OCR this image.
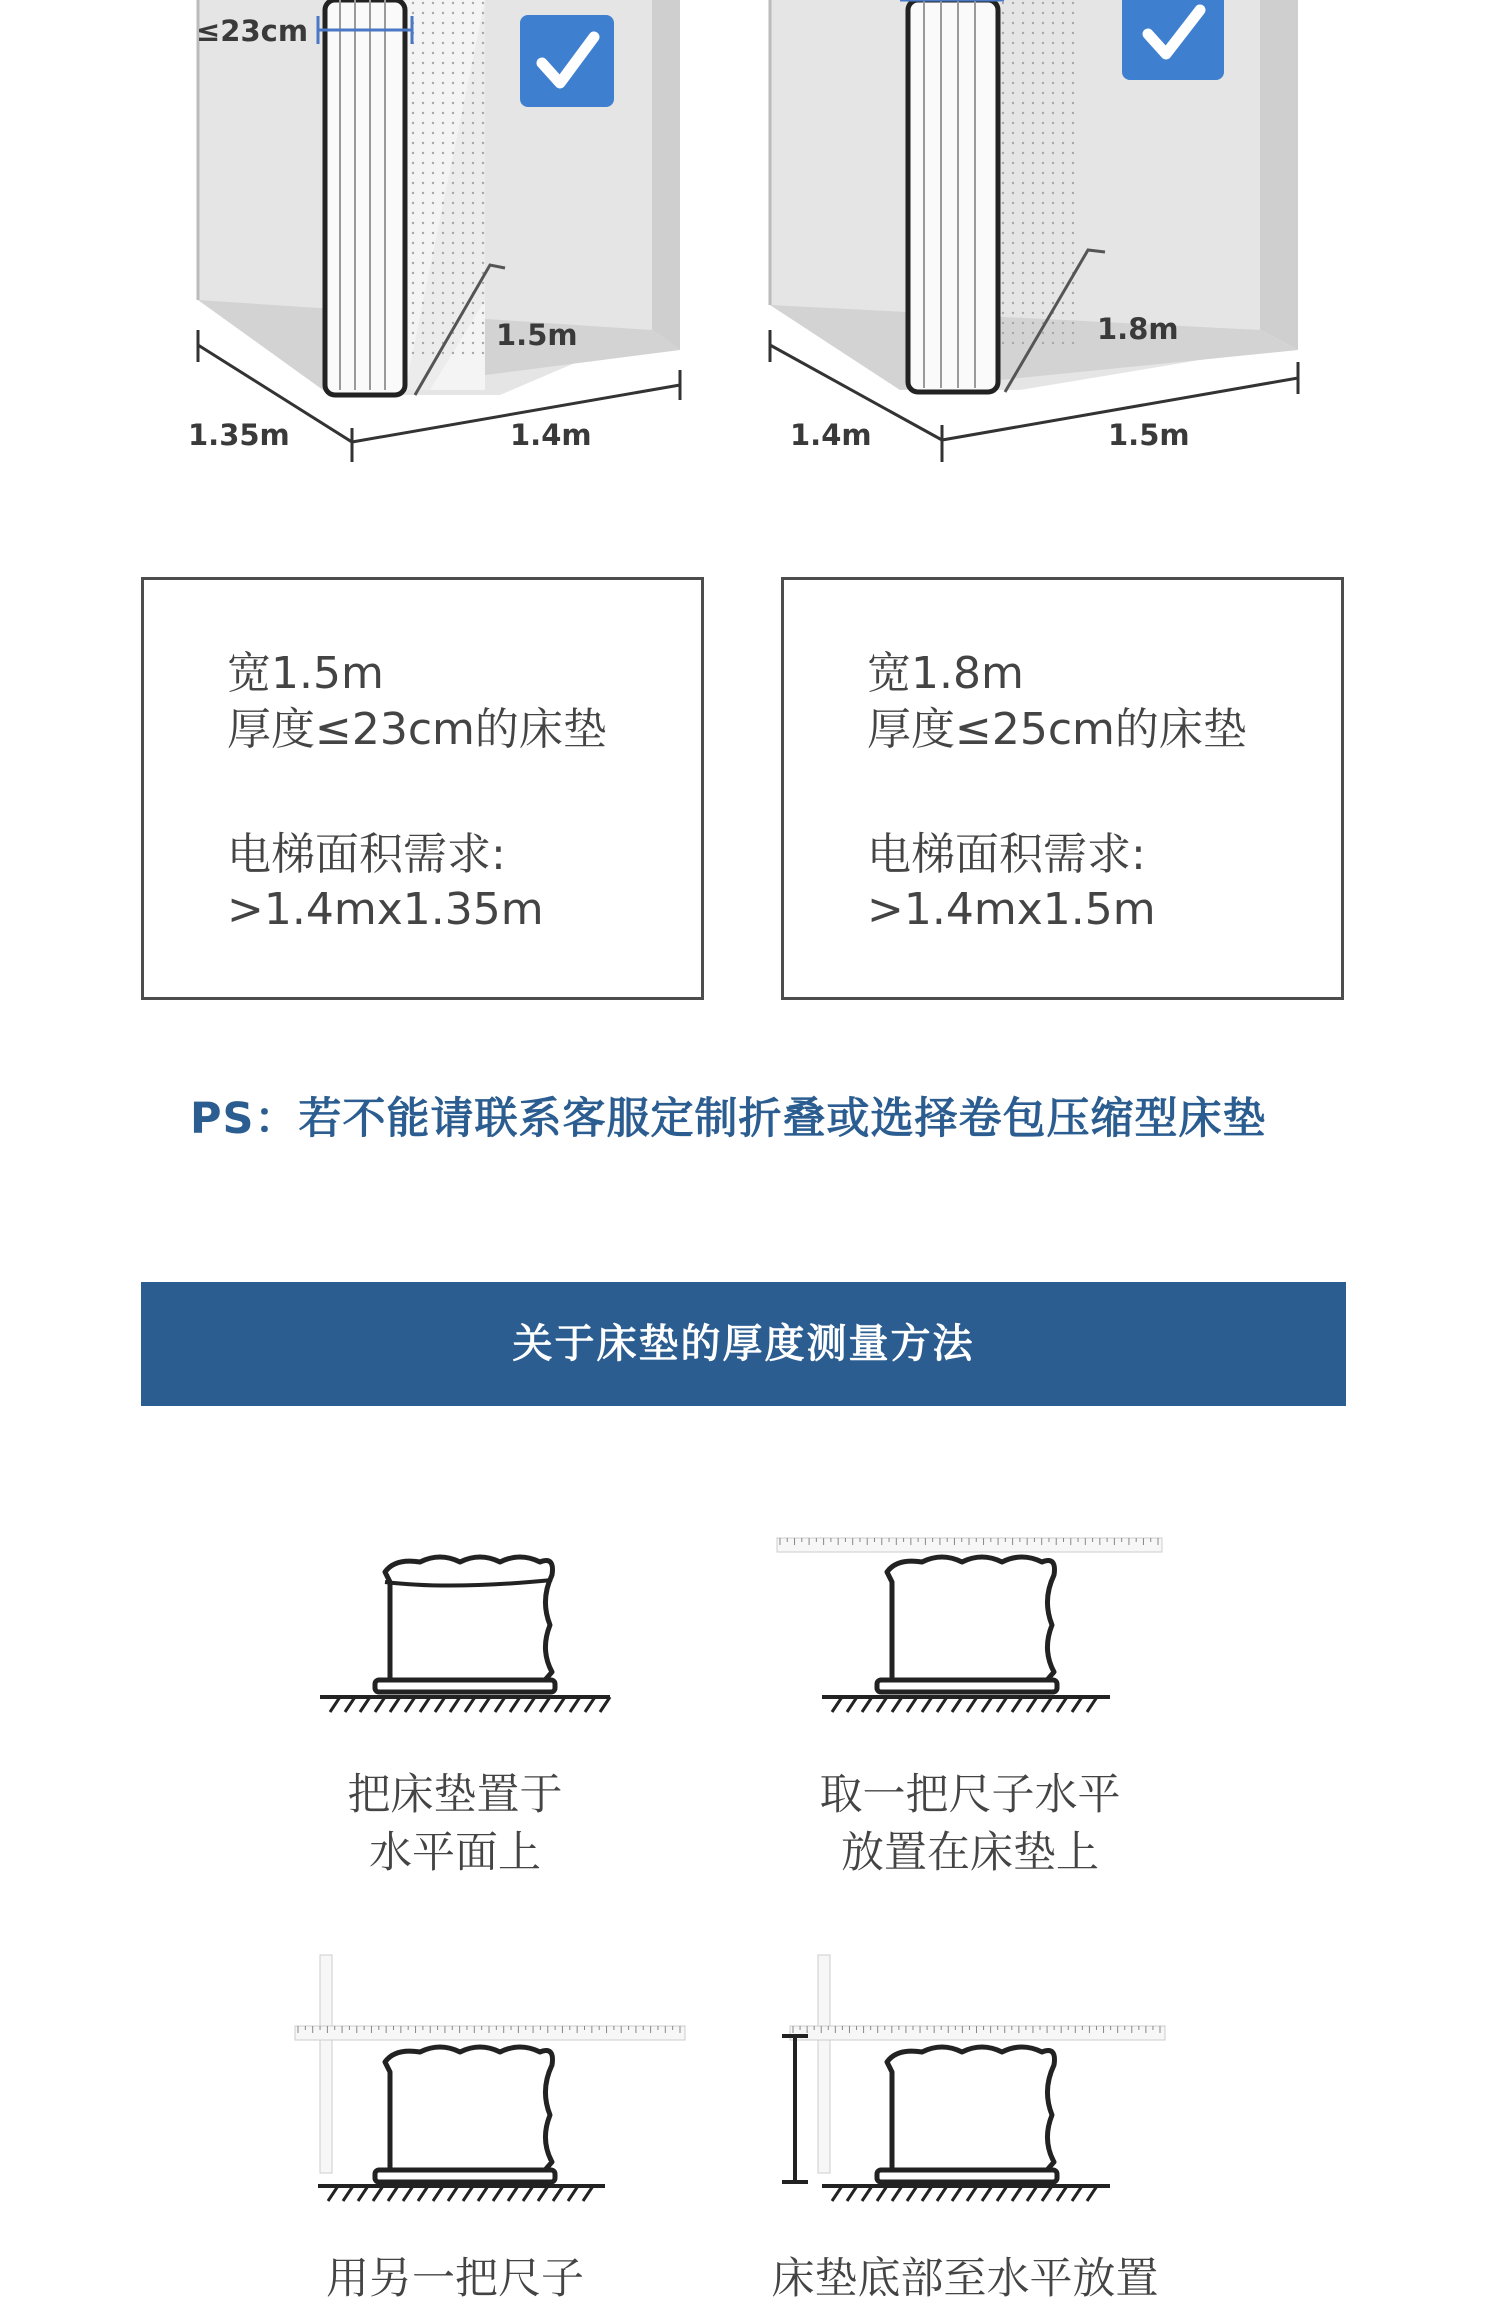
≤23cm
1.5m
1.35m	1.4m
1.8m
1.4m	1.5m
宽1.5m
厚度≤23cm的床垫
电梯面积需求:
>1.4mx1.35m
宽1.8m
厚度≤25cm的床垫
电梯面积需求:
>1.4mx1.5m
PS：若不能请联系客服定制折叠或选择卷包压缩型床垫
关于床垫的厚度测量方法
把床垫置于
水平面上
取一把尺子水平
放置在床垫上
用另一把尺子	床垫底部至水平放置
